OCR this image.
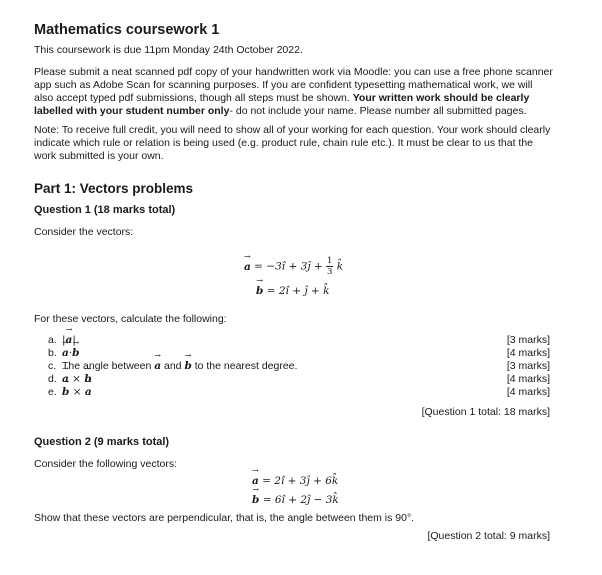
Mathematics coursework 1
This coursework is due 11pm Monday 24th October 2022.
Please submit a neat scanned pdf copy of your handwritten work via Moodle: you can use a free phone scanner app such as Adobe Scan for scanning purposes. If you are confident typesetting mathematical work, we will also accept typed pdf submissions, though all steps must be shown. Your written work should be clearly labelled with your student number only- do not include your name. Please number all submitted pages.
Note: To receive full credit, you will need to show all of your working for each question. Your work should clearly indicate which rule or relation is being used (e.g. product rule, chain rule etc.). It must be clear to us that the work submitted is your own.
Part 1: Vectors problems
Question 1 (18 marks total)
Consider the vectors:
→ a = −3î + 3ĵ + $\frac{1}{3}$ k̂
→ b = 2î + ĵ + k̂
For these vectors, calculate the following:
a. |→ a|	[3 marks]
b. → a·→ b	[4 marks]
c. The angle between → a and → b to the nearest degree.	[3 marks]
d. → a × → b	[4 marks]
e. → b × → a	[4 marks]
[Question 1 total: 18 marks]
Question 2 (9 marks total)
Consider the following vectors:
→ a = 2î + 3ĵ + 6k̂
→ b = 6î + 2ĵ − 3k̂
Show that these vectors are perpendicular, that is, the angle between them is 90°.
[Question 2 total: 9 marks]
